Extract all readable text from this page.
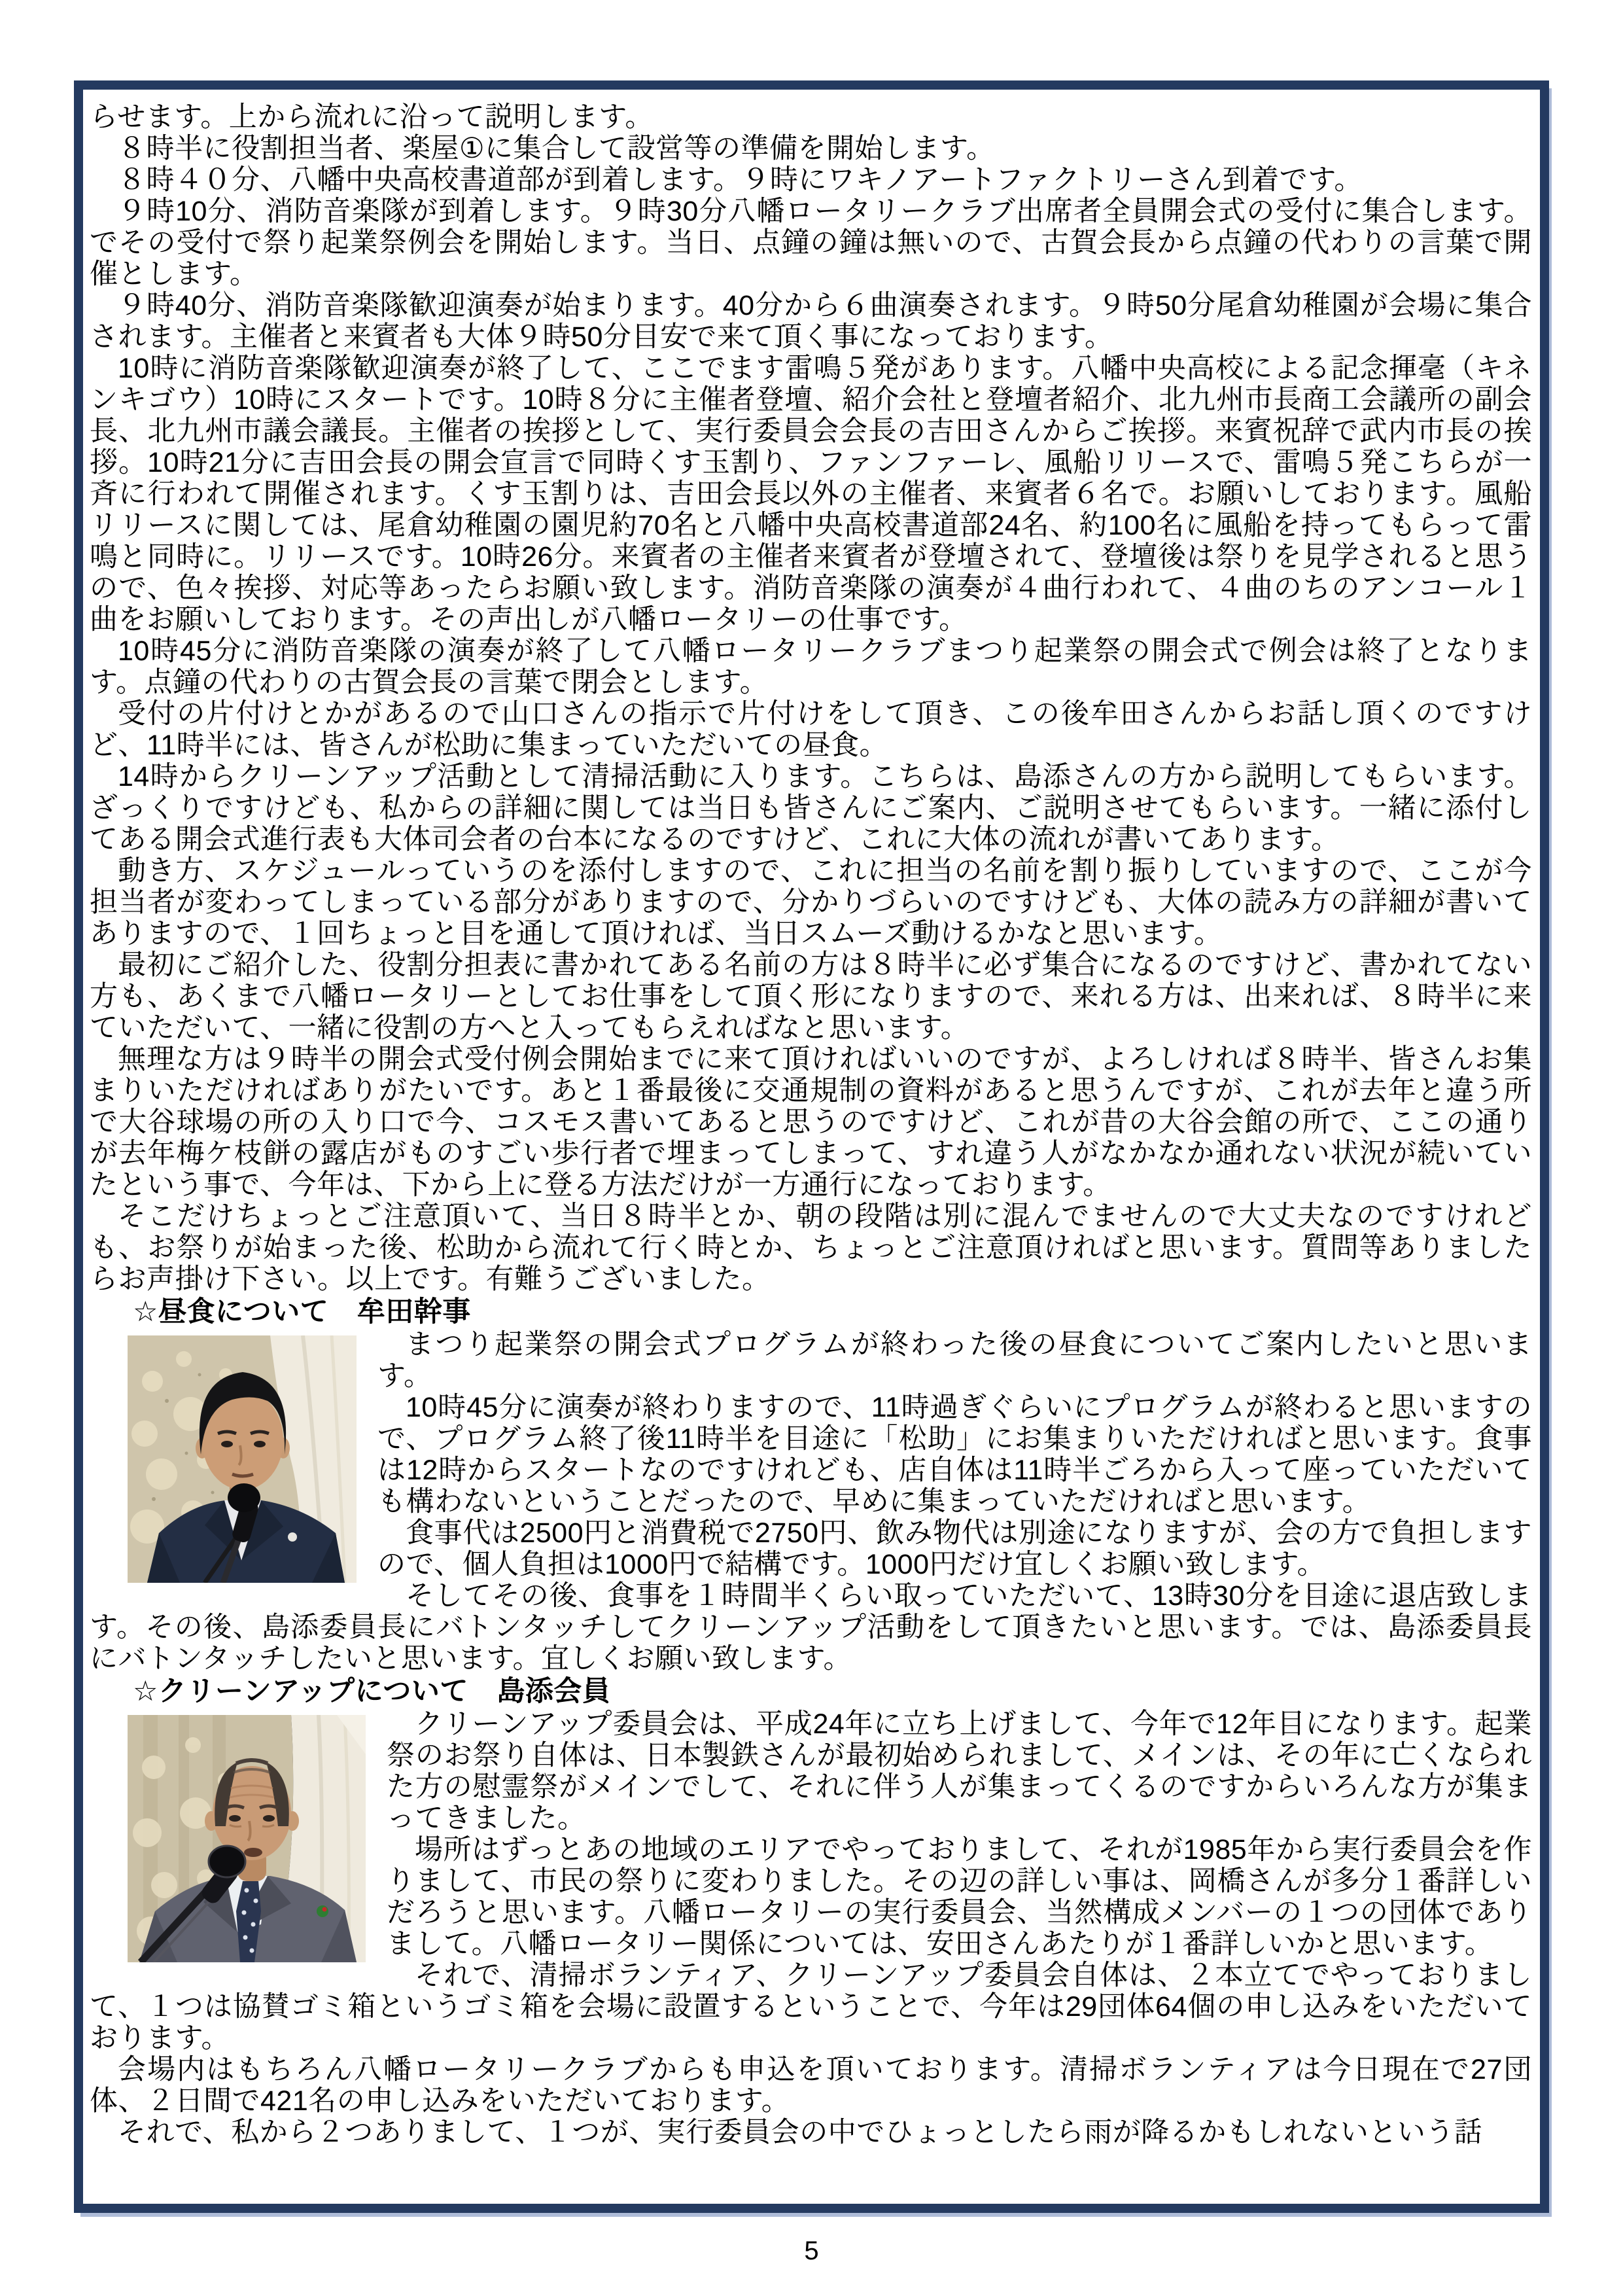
らせます。上から流れに沿って説明します。

８時半に役割担当者、楽屋①に集合して設営等の準備を開始します。

８時４０分、八幡中央高校書道部が到着します。９時にワキノアートファクトリーさん到着です。

９時10分、消防音楽隊が到着します。９時30分八幡ロータリークラブ出席者全員開会式の受付に集合します。でその受付で祭り起業祭例会を開始します。当日、点鐘の鐘は無いので、古賀会長から点鐘の代わりの言葉で開催とします。

９時40分、消防音楽隊歓迎演奏が始まります。40分から６曲演奏されます。９時50分尾倉幼稚園が会場に集合されます。主催者と来賓者も大体９時50分目安で来て頂く事になっております。

10時に消防音楽隊歓迎演奏が終了して、ここでます雷鳴５発があります。八幡中央高校による記念揮毫（キネンキゴウ）10時にスタートです。10時８分に主催者登壇、紹介会社と登壇者紹介、北九州市長商工会議所の副会長、北九州市議会議長。主催者の挨拶として、実行委員会会長の吉田さんからご挨拶。来賓祝辞で武内市長の挨拶。10時21分に吉田会長の開会宣言で同時くす玉割り、ファンファーレ、風船リリースで、雷鳴５発こちらが一斉に行われて開催されます。くす玉割りは、吉田会長以外の主催者、来賓者６名で。お願いしております。風船リリースに関しては、尾倉幼稚園の園児約70名と八幡中央高校書道部24名、約100名に風船を持ってもらって雷鳴と同時に。リリースです。10時26分。来賓者の主催者来賓者が登壇されて、登壇後は祭りを見学されると思うので、色々挨拶、対応等あったらお願い致します。消防音楽隊の演奏が４曲行われて、４曲のちのアンコール１曲をお願いしております。その声出しが八幡ロータリーの仕事です。

10時45分に消防音楽隊の演奏が終了して八幡ロータリークラブまつり起業祭の開会式で例会は終了となります。点鐘の代わりの古賀会長の言葉で閉会とします。

受付の片付けとかがあるので山口さんの指示で片付けをして頂き、この後牟田さんからお話し頂くのですけど、11時半には、皆さんが松助に集まっていただいての昼食。

14時からクリーンアップ活動として清掃活動に入ります。こちらは、島添さんの方から説明してもらいます。ざっくりですけども、私からの詳細に関しては当日も皆さんにご案内、ご説明させてもらいます。一緒に添付してある開会式進行表も大体司会者の台本になるのですけど、これに大体の流れが書いてあります。

動き方、スケジュールっていうのを添付しますので、これに担当の名前を割り振りしていますので、ここが今担当者が変わってしまっている部分がありますので、分かりづらいのですけども、大体の読み方の詳細が書いてありますので、１回ちょっと目を通して頂ければ、当日スムーズ動けるかなと思います。

最初にご紹介した、役割分担表に書かれてある名前の方は８時半に必ず集合になるのですけど、書かれてない方も、あくまで八幡ロータリーとしてお仕事をして頂く形になりますので、来れる方は、出来れば、８時半に来ていただいて、一緒に役割の方へと入ってもらえればなと思います。

無理な方は９時半の開会式受付例会開始までに来て頂ければいいのですが、よろしければ８時半、皆さんお集まりいただければありがたいです。あと１番最後に交通規制の資料があると思うんですが、これが去年と違う所で大谷球場の所の入り口で今、コスモス書いてあると思うのですけど、これが昔の大谷会館の所で、ここの通りが去年梅ケ枝餅の露店がものすごい歩行者で埋まってしまって、すれ違う人がなかなか通れない状況が続いていたという事で、今年は、下から上に登る方法だけが一方通行になっております。

そこだけちょっとご注意頂いて、当日８時半とか、朝の段階は別に混んでませんので大丈夫なのですけれども、お祭りが始まった後、松助から流れて行く時とか、ちょっとご注意頂ければと思います。質問等ありましたらお声掛け下さい。以上です。有難うございました。

☆昼食について　牟田幹事

まつり起業祭の開会式プログラムが終わった後の昼食についてご案内したいと思います。

10時45分に演奏が終わりますので、11時過ぎぐらいにプログラムが終わると思いますので、プログラム終了後11時半を目途に「松助」にお集まりいただければと思います。食事は12時からスタートなのですけれども、店自体は11時半ごろから入って座っていただいても構わないということだったので、早めに集まっていただければと思います。

食事代は2500円と消費税で2750円、飲み物代は別途になりますが、会の方で負担しますので、個人負担は1000円で結構です。1000円だけ宜しくお願い致します。

そしてその後、食事を１時間半くらい取っていただいて、13時30分を目途に退店致します。その後、島添委員長にバトンタッチしてクリーンアップ活動をして頂きたいと思います。では、島添委員長にバトンタッチしたいと思います。宜しくお願い致します。

☆クリーンアップについて　島添会員

クリーンアップ委員会は、平成24年に立ち上げまして、今年で12年目になります。起業祭のお祭り自体は、日本製鉄さんが最初始められまして、メインは、その年に亡くなられた方の慰霊祭がメインでして、それに伴う人が集まってくるのですからいろんな方が集まってきました。

場所はずっとあの地域のエリアでやっておりまして、それが1985年から実行委員会を作りまして、市民の祭りに変わりました。その辺の詳しい事は、岡橋さんが多分１番詳しいだろうと思います。八幡ロータリーの実行委員会、当然構成メンバーの１つの団体でありまして。八幡ロータリー関係については、安田さんあたりが１番詳しいかと思います。

それで、清掃ボランティア、クリーンアップ委員会自体は、２本立てでやっておりまして、１つは協賛ゴミ箱というゴミ箱を会場に設置するということで、今年は29団体64個の申し込みをいただいております。

会場内はもちろん八幡ロータリークラブからも申込を頂いております。清掃ボランティアは今日現在で27団体、２日間で421名の申し込みをいただいております。

それで、私から２つありまして、１つが、実行委員会の中でひょっとしたら雨が降るかもしれないという話

5
